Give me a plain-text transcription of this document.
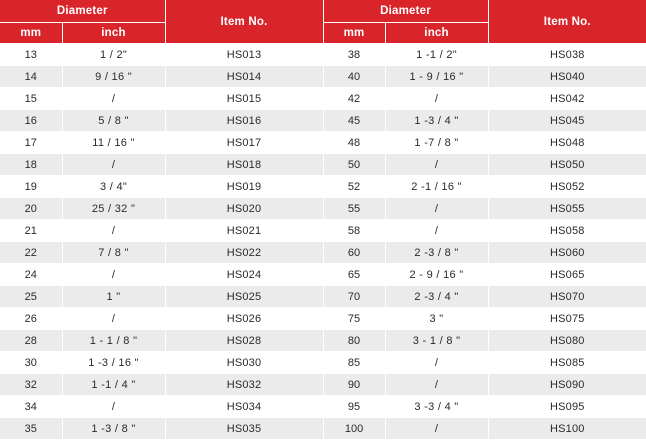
Diameter		Item No.	Diameter		Item No.
mm	inch		mm	inch	
13	1 / 2"	HS013	38	1 -1 / 2"	HS038
14	9 / 16 "	HS014	40	1 - 9 / 16 "	HS040
15	/	HS015	42	/	HS042
16	5 / 8 "	HS016	45	1 -3 / 4 "	HS045
17	11 / 16 "	HS017	48	1 -7 / 8 "	HS048
18	/	HS018	50	/	HS050
19	3 / 4"	HS019	52	2 -1 / 16 "	HS052
20	25 / 32 "	HS020	55	/	HS055
21	/	HS021	58	/	HS058
22	7 / 8 "	HS022	60	2 -3 / 8 "	HS060
24	/	HS024	65	2 - 9 / 16 "	HS065
25	1 "	HS025	70	2 -3 / 4 "	HS070
26	/	HS026	75	3 "	HS075
28	1 - 1 / 8 "	HS028	80	3 - 1 / 8 "	HS080
30	1 -3 / 16 "	HS030	85	/	HS085
32	1 -1 / 4 "	HS032	90	/	HS090
34	/	HS034	95	3 -3 / 4 "	HS095
35	1 -3 / 8 "	HS035	100	/	HS100
